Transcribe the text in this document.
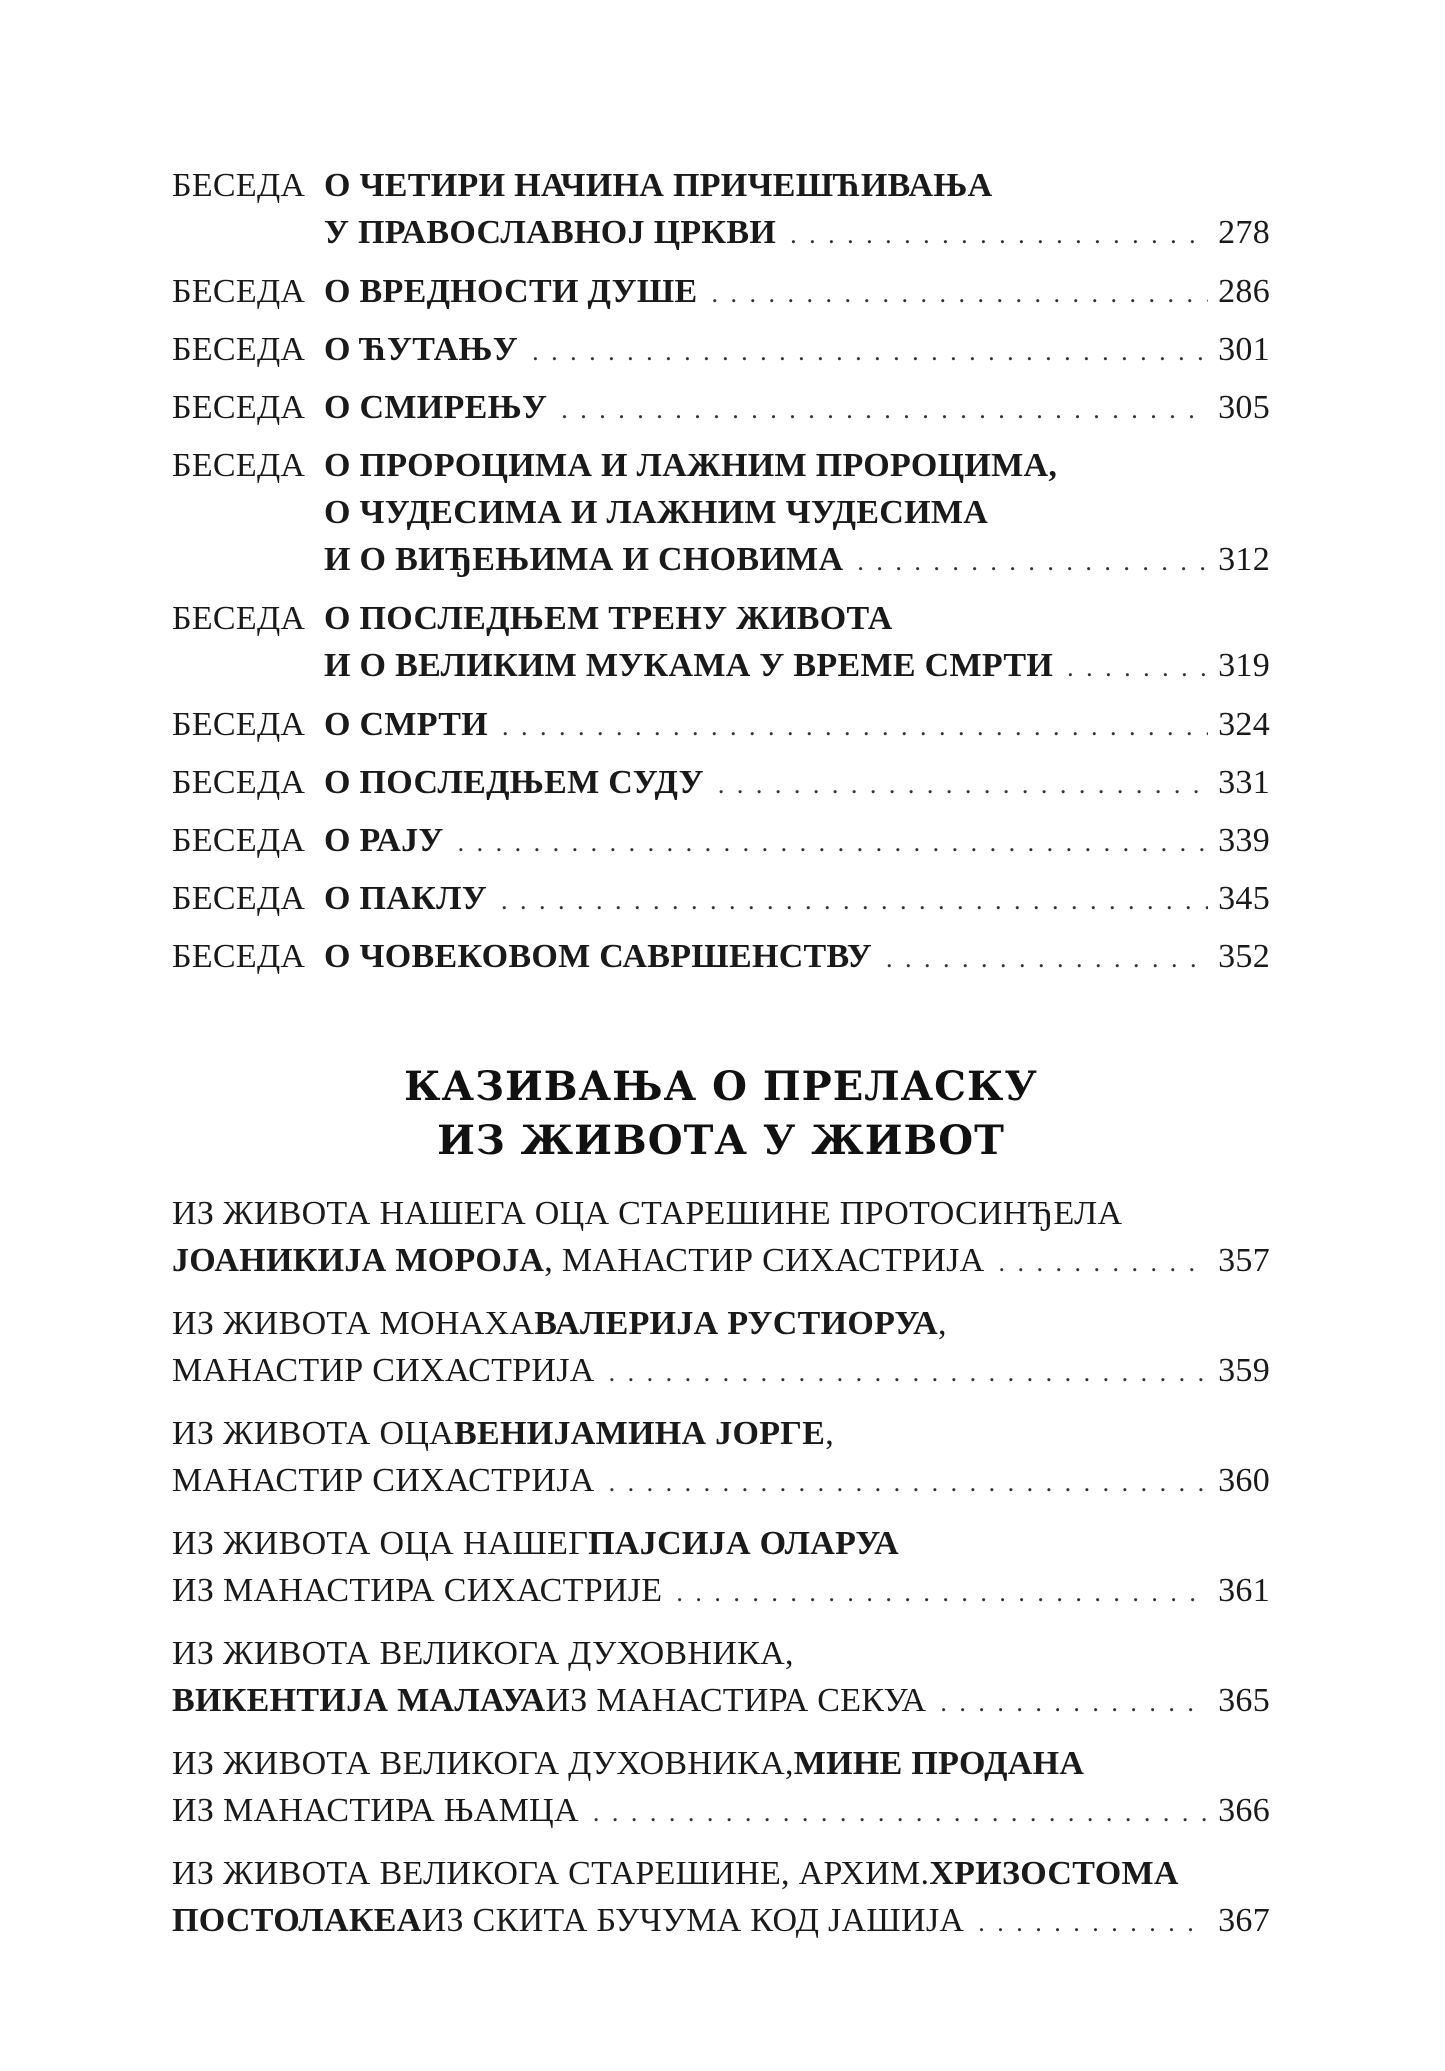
БЕСЕДА О ЧЕТИРИ НАЧИНА ПРИЧЕШЋИВАЊА
У ПРАВОСЛАВНОЈ ЦРКВИ . . .	278
БЕСЕДА О ВРЕДНОСТИ ДУШЕ . . .	286
БЕСЕДА О ЋУТАЊУ . . .	301
БЕСЕДА О СМИРЕЊУ . . .	305
БЕСЕДА О ПРОРОЦИМА И ЛАЖНИМ ПРОРОЦИМА,
О ЧУДЕСИМА И ЛАЖНИМ ЧУДЕСИМА
И О ВИЂЕЊИМА И СНОВИМА . . .	312
БЕСЕДА О ПОСЛЕДЊЕМ ТРЕНУ ЖИВОТА
И О ВЕЛИКИМ МУКАМА У ВРЕМЕ СМРТИ . . .	319
БЕСЕДА О СМРТИ . . .	324
БЕСЕДА О ПОСЛЕДЊЕМ СУДУ . . .	331
БЕСЕДА О РАЈУ . . .	339
БЕСЕДА О ПАКЛУ . . .	345
БЕСЕДА О ЧОВЕКОВОМ САВРШЕНСТВУ . . .	352
КАЗИВАЊА О ПРЕЛАСКУ
ИЗ ЖИВОТА У ЖИВОТ
ИЗ ЖИВОТА НАШЕГА ОЦА СТАРЕШИНЕ ПРОТОСИНЂЕЛА
ЈОАНИКИЈА МОРОЈА , МАНАСТИР СИХАСТРИЈА . . .	357
ИЗ ЖИВОТА МОНАХА ВАЛЕРИЈА РУСТИОРУА ,
МАНАСТИР СИХАСТРИЈА . . .	359
ИЗ ЖИВОТА ОЦА ВЕНИЈАМИНА ЈОРГЕ ,
МАНАСТИР СИХАСТРИЈА . . .	360
ИЗ ЖИВОТА ОЦА НАШЕГ ПАЈСИЈА ОЛАРУА
ИЗ МАНАСТИРА СИХАСТРИЈЕ . . .	361
ИЗ ЖИВОТА ВЕЛИКОГА ДУХОВНИКА,
ВИКЕНТИЈА МАЛАУА ИЗ МАНАСТИРА СЕКУА . . .	365
ИЗ ЖИВОТА ВЕЛИКОГА ДУХОВНИКА, МИНЕ ПРОДАНА
ИЗ МАНАСТИРА ЊАМЦА . . .	366
ИЗ ЖИВОТА ВЕЛИКОГА СТАРЕШИНЕ, АРХИМ. ХРИЗОСТОМА
ПОСТОЛАКЕА ИЗ СКИТА БУЧУМА КОД ЈАШИЈА . . .	367
